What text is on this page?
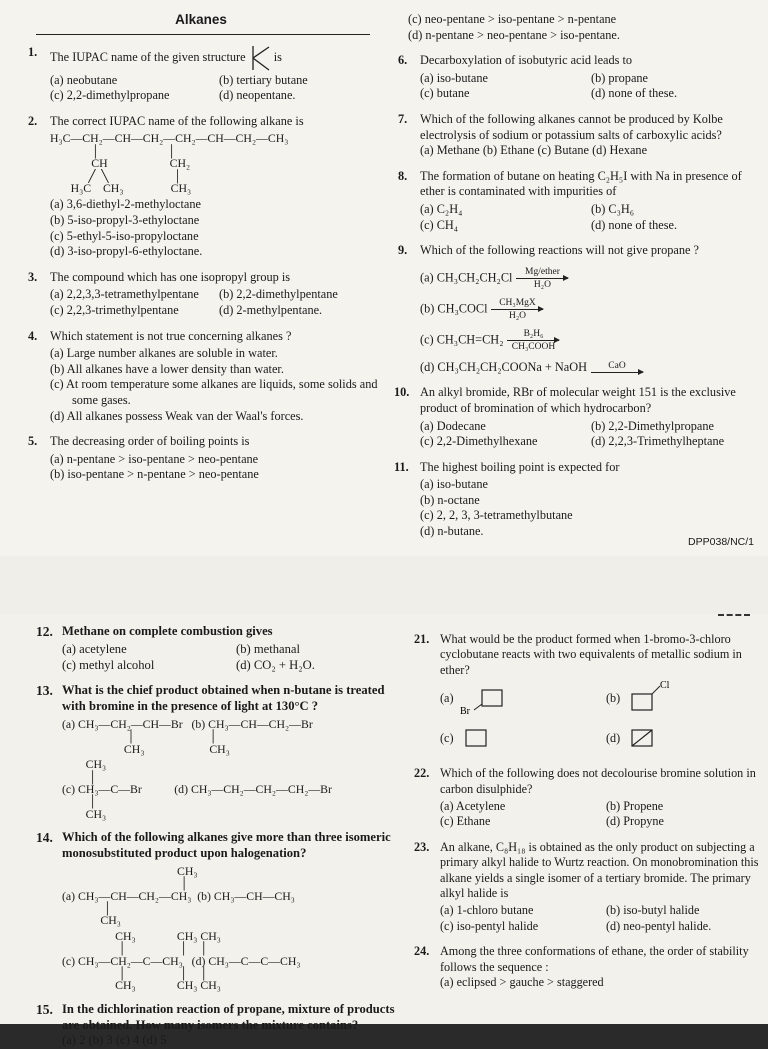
Alkanes
1. The IUPAC name of the given structure  is
(a) neobutane	(b) tertiary butane
(c) 2,2-dimethylpropane	(d) neopentane.
2. The correct IUPAC name of the following alkane is
H₃C—CH₂—CH—CH₂—CH₂—CH—CH₂—CH₃
│                       │
CH                     CH₂
╱  ╲                      │
H₃C    CH₃                CH₃
(a) 3,6-diethyl-2-methyloctane
(b) 5-iso-propyl-3-ethyloctane
(c) 5-ethyl-5-iso-propyloctane
(d) 3-iso-propyl-6-ethyloctane.
3. The compound which has one isopropyl group is
(a) 2,2,3,3-tetramethylpentane	(b) 2,2-dimethylpentane
(c) 2,2,3-trimethylpentane	(d) 2-methylpentane.
4. Which statement is not true concerning alkanes ?
(a) Large number alkanes are soluble in water.
(b) All alkanes have a lower density than water.
(c) At room temperature some alkanes are liquids, some solids and some gases.
(d) All alkanes possess Weak van der Waal's forces.
5. The decreasing order of boiling points is
(a) n-pentane > iso-pentane > neo-pentane
(b) iso-pentane > n-pentane > neo-pentane
(c) neo-pentane > iso-pentane > n-pentane
(d) n-pentane > neo-pentane > iso-pentane.
6. Decarboxylation of isobutyric acid leads to
(a) iso-butane	(b) propane
(c) butane	(d) none of these.
7. Which of the following alkanes cannot be produced by Kolbe electrolysis of sodium or potassium salts of carboxylic acids?
(a) Methane (b) Ethane (c) Butane (d) Hexane
8. The formation of butane on heating C₂H₅I with Na in presence of ether is contaminated with impurities of
(a) C₂H₄	(b) C₃H₆
(c) CH₄	(d) none of these.
9. Which of the following reactions will not give propane ?
(a) CH₃CH₂CH₂Cl Mg/ether
H₂O
(b) CH₃COCl CH₃MgX
H₂O
(c) CH₃CH=CH₂ B₂H₆
CH₃COOH
(d) CH₃CH₂CH₂COONa + NaOH CaO
10. An alkyl bromide, RBr of molecular weight 151 is the exclusive product of bromination of which hydrocarbon?
(a) Dodecane	(b) 2,2-Dimethylpropane
(c) 2,2-Dimethylhexane	(d) 2,2,3-Trimethylheptane
11. The highest boiling point is expected for
(a) iso-butane
(b) n-octane
(c) 2, 2, 3, 3-tetramethylbutane
(d) n-butane.
DPP038/NC/1
12. Methane on complete combustion gives
(a) acetylene	(b) methanal
(c) methyl alcohol	(d) CO₂ + H₂O.
13. What is the chief product obtained when n-butane is treated with bromine in the presence of light at 130°C ?
(a) CH₃—CH₂—CH—Br   (b) CH₃—CH—CH₂—Br
│                         │
CH₃                      CH₃
CH₃
│
(c) CH₃—C—Br           (d) CH₃—CH₂—CH₂—CH₂—Br
│
CH₃
14. Which of the following alkanes give more than three isomeric monosubstituted product upon halogenation?
CH₃
│
(a) CH₃—CH—CH₂—CH₃  (b) CH₃—CH—CH₃
│
CH₃
CH₃              CH₃ CH₃
│                  │    │
(c) CH₃—CH₂—C—CH₃   (d) CH₃—C—C—CH₃
│                  │    │
CH₃              CH₃ CH₃
15. In the dichlorination reaction of propane, mixture of products are obtained. How many isomers the mixture contains?
(a) 2 (b) 3 (c) 4 (d) 5
21. What would be the product formed when 1-bromo-3-chloro cyclobutane reacts with two equivalents of metallic sodium in ether?
(a)
Br
(b)
Cl
(c)	(d)
22. Which of the following does not decolourise bromine solution in carbon disulphide?
(a) Acetylene	(b) Propene
(c) Ethane	(d) Propyne
23. An alkane, C₈H₁₈ is obtained as the only product on subjecting a primary alkyl halide to Wurtz reaction. On monobromination this alkane yields a single isomer of a tertiary bromide. The primary alkyl halide is
(a) 1-chloro butane	(b) iso-butyl halide
(c) iso-pentyl halide	(d) neo-pentyl halide.
24. Among the three conformations of ethane, the order of stability follows the sequence :
(a) eclipsed > gauche > staggered
